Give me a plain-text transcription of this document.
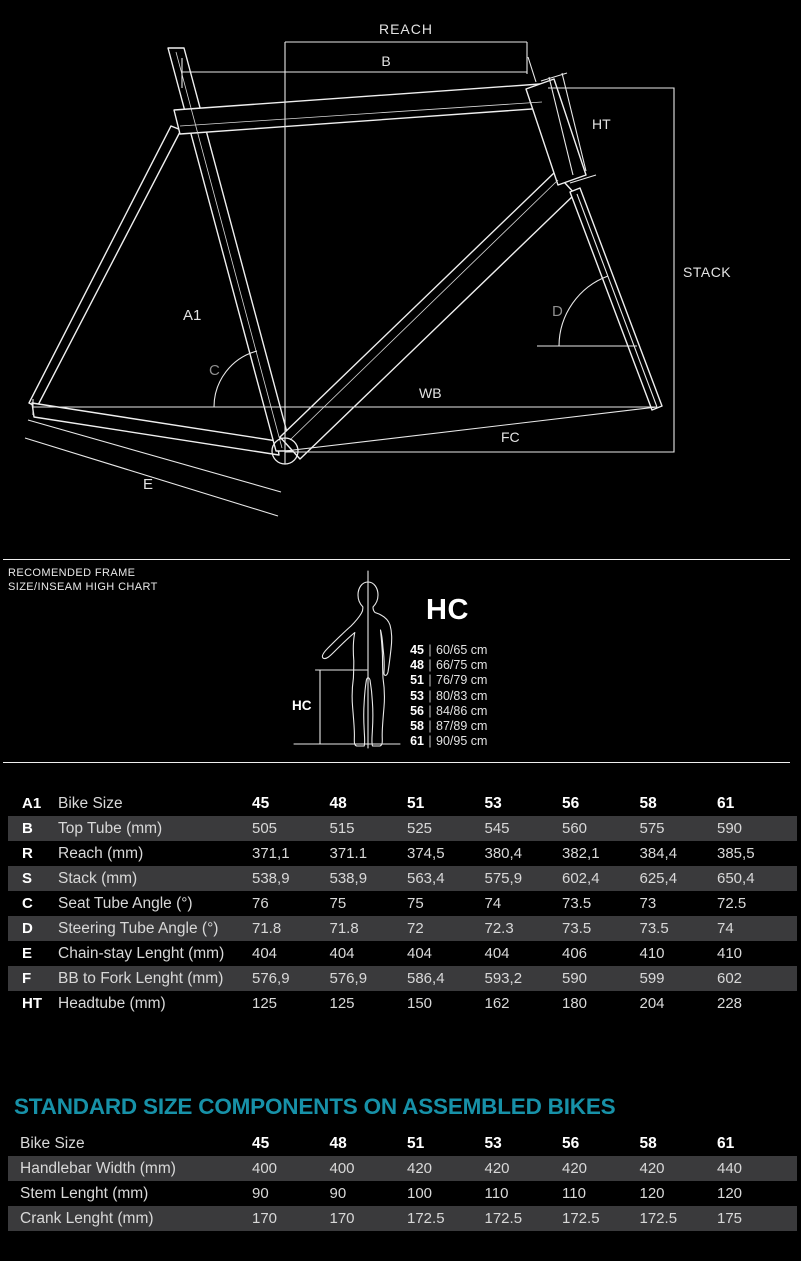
REACH
B
HT
STACK
A1
C
D
WB
FC
E
RECOMENDED FRAME
SIZE/INSEAM HIGH CHART
HC
HC
45 | 60/65 cm
48 | 66/75 cm
51 | 76/79 cm
53 | 80/83 cm
56 | 84/86 cm
58 | 87/89 cm
61 | 90/95 cm
A1	Bike Size	45	48	51	53	56	58	61
B	Top Tube (mm)	505	515	525	545	560	575	590
R	Reach (mm)	371,1	371.1	374,5	380,4	382,1	384,4	385,5
S	Stack (mm)	538,9	538,9	563,4	575,9	602,4	625,4	650,4
C	Seat Tube Angle (°)	76	75	75	74	73.5	73	72.5
D	Steering Tube Angle (°)	71.8	71.8	72	72.3	73.5	73.5	74
E	Chain-stay Lenght (mm)	404	404	404	404	406	410	410
F	BB to Fork Lenght (mm)	576,9	576,9	586,4	593,2	590	599	602
HT	Headtube (mm)	125	125	150	162	180	204	228
STANDARD SIZE COMPONENTS ON ASSEMBLED BIKES
Bike Size	45	48	51	53	56	58	61
Handlebar Width (mm)	400	400	420	420	420	420	440
Stem Lenght (mm)	90	90	100	110	110	120	120
Crank Lenght (mm)	170	170	172.5	172.5	172.5	172.5	175
